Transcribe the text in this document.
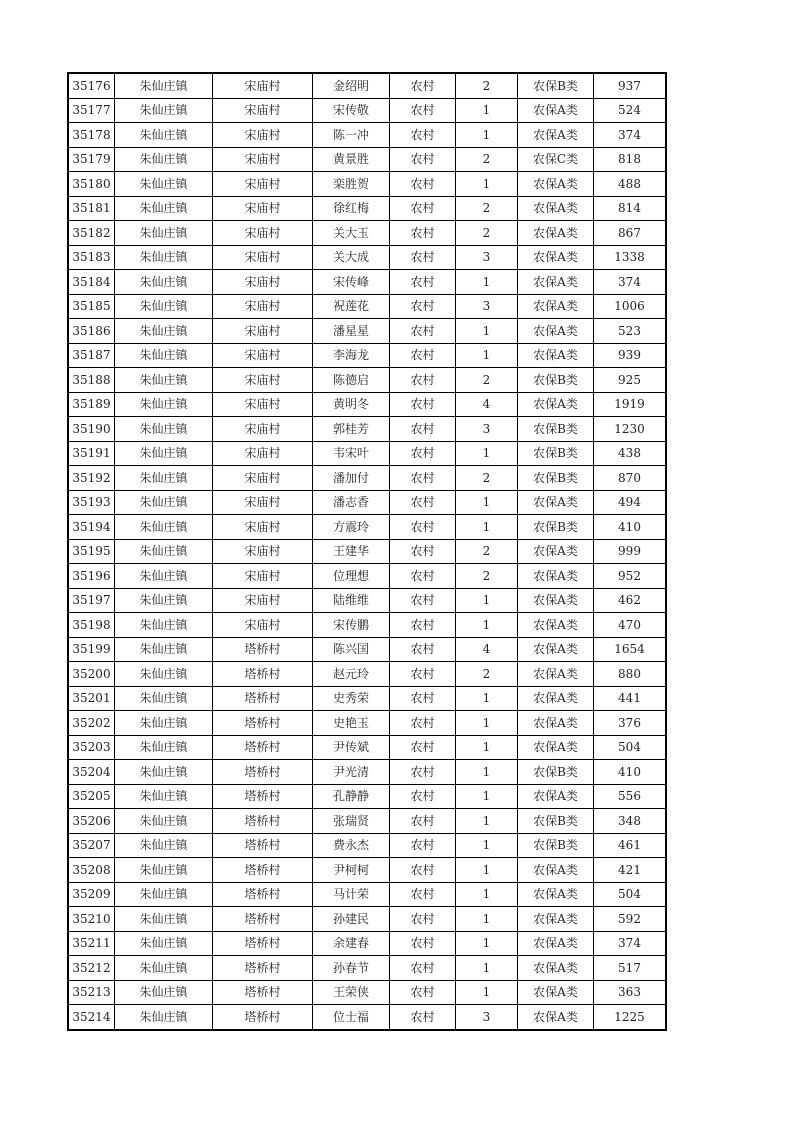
35176	朱仙庄镇	宋庙村	金绍明	农村	2	农保B类	937
35177	朱仙庄镇	宋庙村	宋传敬	农村	1	农保A类	524
35178	朱仙庄镇	宋庙村	陈一冲	农村	1	农保A类	374
35179	朱仙庄镇	宋庙村	黄景胜	农村	2	农保C类	818
35180	朱仙庄镇	宋庙村	栾胜贺	农村	1	农保A类	488
35181	朱仙庄镇	宋庙村	徐红梅	农村	2	农保A类	814
35182	朱仙庄镇	宋庙村	关大玉	农村	2	农保A类	867
35183	朱仙庄镇	宋庙村	关大成	农村	3	农保A类	1338
35184	朱仙庄镇	宋庙村	宋传峰	农村	1	农保A类	374
35185	朱仙庄镇	宋庙村	祝莲花	农村	3	农保A类	1006
35186	朱仙庄镇	宋庙村	潘星星	农村	1	农保A类	523
35187	朱仙庄镇	宋庙村	李海龙	农村	1	农保A类	939
35188	朱仙庄镇	宋庙村	陈德启	农村	2	农保B类	925
35189	朱仙庄镇	宋庙村	黄明冬	农村	4	农保A类	1919
35190	朱仙庄镇	宋庙村	郭桂芳	农村	3	农保B类	1230
35191	朱仙庄镇	宋庙村	韦宋叶	农村	1	农保B类	438
35192	朱仙庄镇	宋庙村	潘加付	农村	2	农保B类	870
35193	朱仙庄镇	宋庙村	潘志香	农村	1	农保A类	494
35194	朱仙庄镇	宋庙村	方震玲	农村	1	农保B类	410
35195	朱仙庄镇	宋庙村	王建华	农村	2	农保A类	999
35196	朱仙庄镇	宋庙村	位理想	农村	2	农保A类	952
35197	朱仙庄镇	宋庙村	陆维维	农村	1	农保A类	462
35198	朱仙庄镇	宋庙村	宋传鹏	农村	1	农保A类	470
35199	朱仙庄镇	塔桥村	陈兴国	农村	4	农保A类	1654
35200	朱仙庄镇	塔桥村	赵元玲	农村	2	农保A类	880
35201	朱仙庄镇	塔桥村	史秀荣	农村	1	农保A类	441
35202	朱仙庄镇	塔桥村	史艳玉	农村	1	农保A类	376
35203	朱仙庄镇	塔桥村	尹传斌	农村	1	农保A类	504
35204	朱仙庄镇	塔桥村	尹光清	农村	1	农保B类	410
35205	朱仙庄镇	塔桥村	孔静静	农村	1	农保A类	556
35206	朱仙庄镇	塔桥村	张瑞贤	农村	1	农保B类	348
35207	朱仙庄镇	塔桥村	费永杰	农村	1	农保B类	461
35208	朱仙庄镇	塔桥村	尹柯柯	农村	1	农保A类	421
35209	朱仙庄镇	塔桥村	马计荣	农村	1	农保A类	504
35210	朱仙庄镇	塔桥村	孙建民	农村	1	农保A类	592
35211	朱仙庄镇	塔桥村	余建春	农村	1	农保A类	374
35212	朱仙庄镇	塔桥村	孙春节	农村	1	农保A类	517
35213	朱仙庄镇	塔桥村	王荣侠	农村	1	农保A类	363
35214	朱仙庄镇	塔桥村	位士福	农村	3	农保A类	1225
